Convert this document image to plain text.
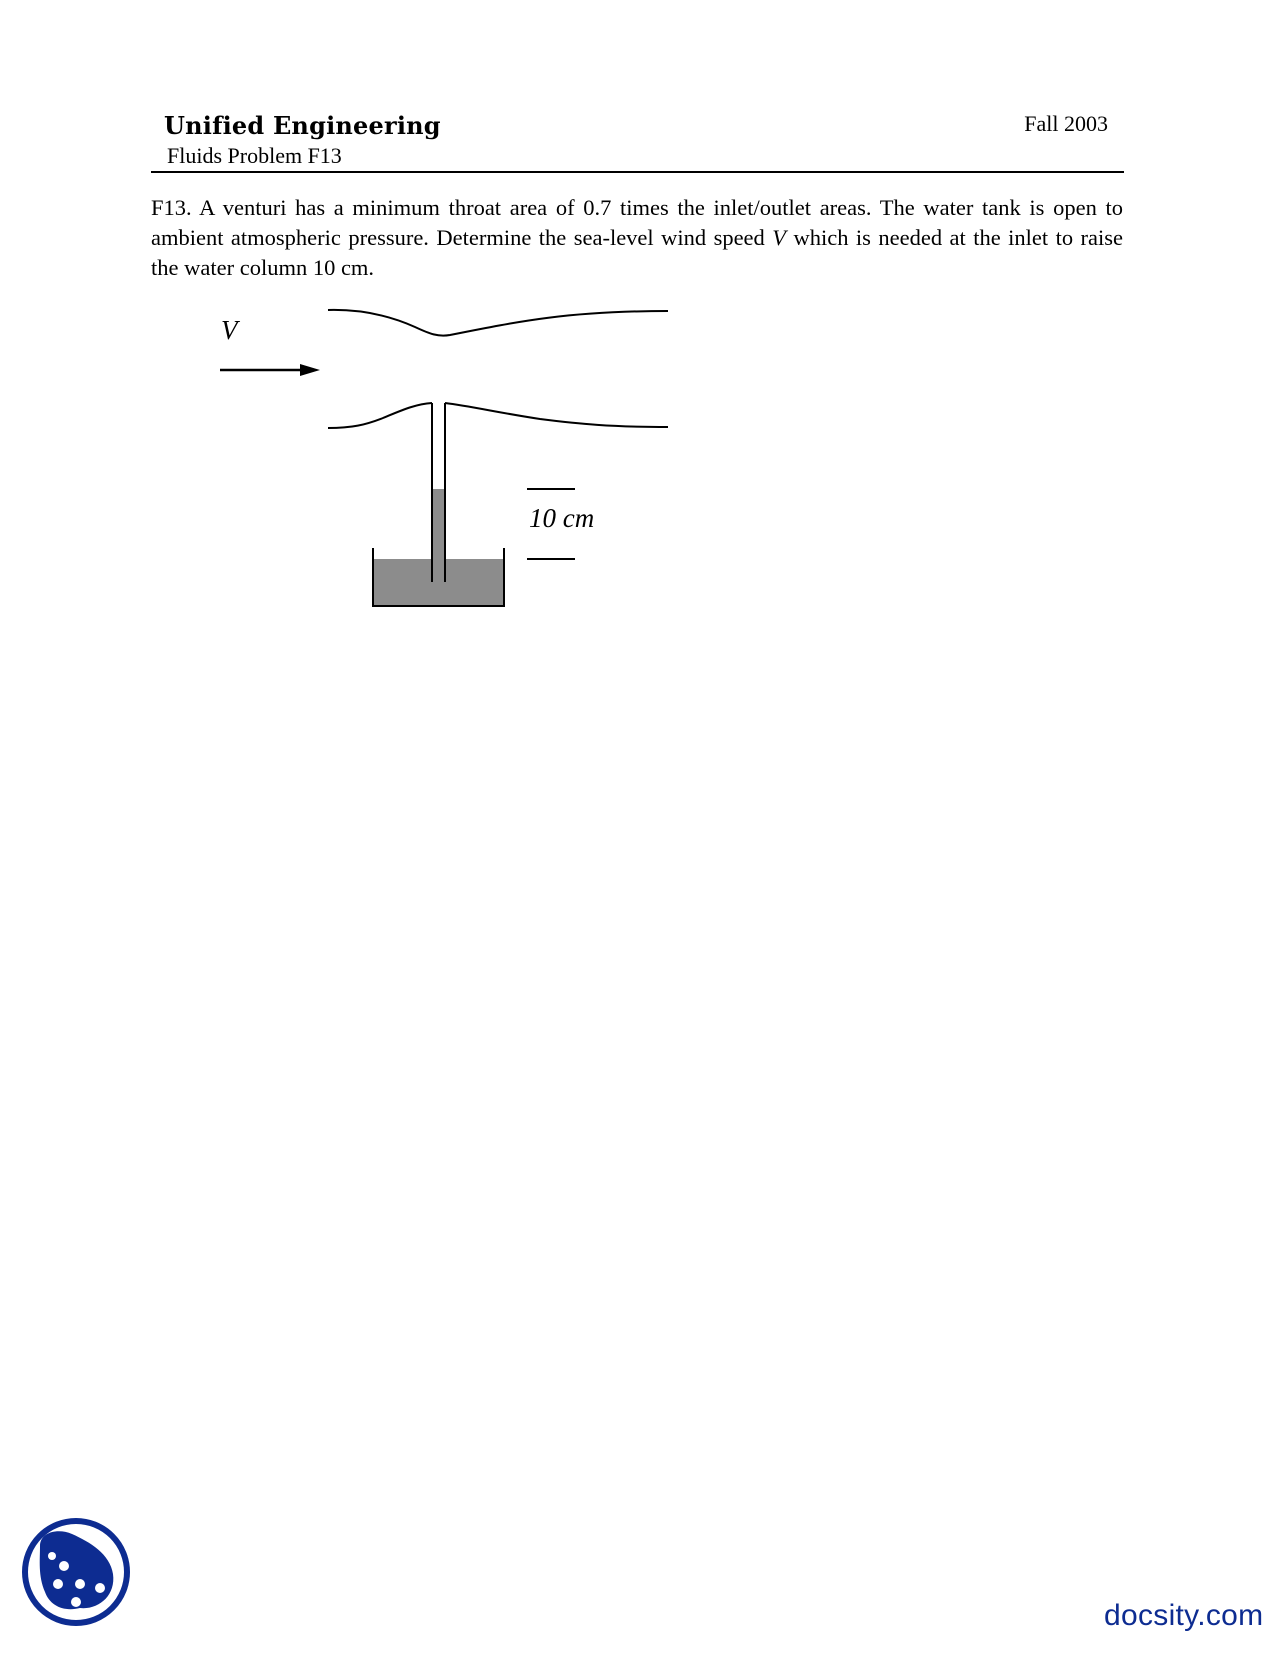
Unified Engineering	Fall 2003
Fluids Problem F13
F13. A venturi has a minimum throat area of 0.7 times the inlet/outlet areas. The water tank is open to ambient atmospheric pressure. Determine the sea-level wind speed V which is needed at the inlet to raise the water column 10 cm.
V
10 cm
docsity.com
